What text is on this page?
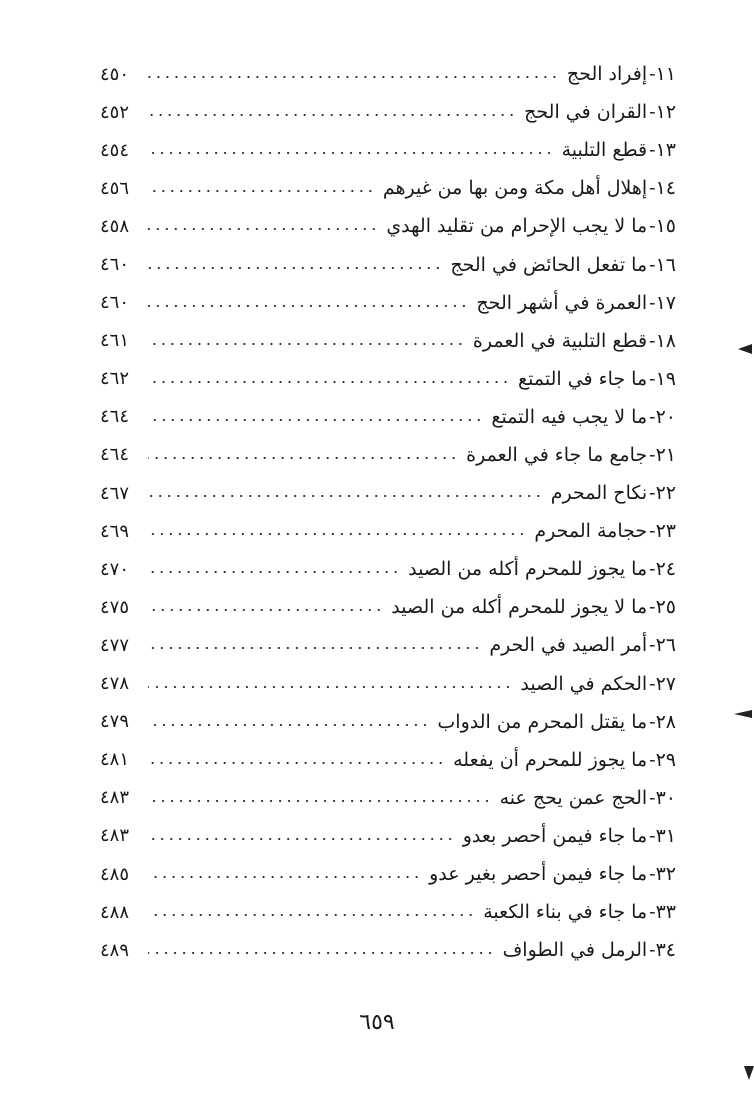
١١-
إفراد الحج
٤٥٠
١٢-
القران في الحج
٤٥٢
١٣-
قطع التلبية
٤٥٤
١٤-
إهلال أهل مكة ومن بها من غيرهم
٤٥٦
١٥-
ما لا يجب الإحرام من تقليد الهدي
٤٥٨
١٦-
ما تفعل الحائض في الحج
٤٦٠
١٧-
العمرة في أشهر الحج
٤٦٠
١٨-
قطع التلبية في العمرة
٤٦١
١٩-
ما جاء في التمتع
٤٦٢
٢٠-
ما لا يجب فيه التمتع
٤٦٤
٢١-
جامع ما جاء في العمرة
٤٦٤
٢٢-
نكاح المحرم
٤٦٧
٢٣-
حجامة المحرم
٤٦٩
٢٤-
ما يجوز للمحرم أكله من الصيد
٤٧٠
٢٥-
ما لا يجوز للمحرم أكله من الصيد
٤٧٥
٢٦-
أمر الصيد في الحرم
٤٧٧
٢٧-
الحكم في الصيد
٤٧٨
٢٨-
ما يقتل المحرم من الدواب
٤٧٩
٢٩-
ما يجوز للمحرم أن يفعله
٤٨١
٣٠-
الحج عمن يحج عنه
٤٨٣
٣١-
ما جاء فيمن أحصر بعدو
٤٨٣
٣٢-
ما جاء فيمن أحصر بغير عدو
٤٨٥
٣٣-
ما جاء في بناء الكعبة
٤٨٨
٣٤-
الرمل في الطواف
٤٨٩
٦٥٩
